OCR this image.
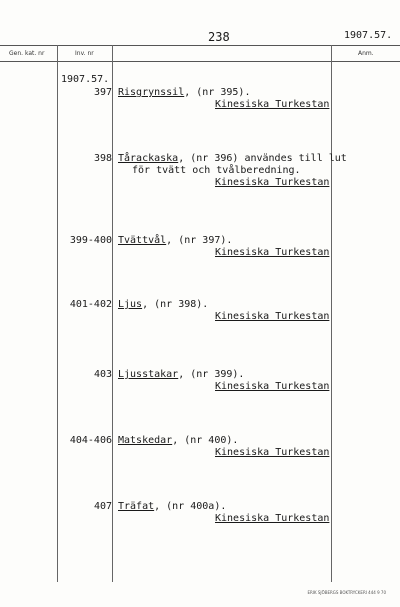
238	1907.57.
Gen. kat. nr	Inv. nr	Anm.
1907.57.
397 Risgrynssil, (nr 395).
Kinesiska Turkestan
398 Tårackaska, (nr 396) användes till lut
för tvätt och tvålberedning.
Kinesiska Turkestan
399-400 Tvättvål, (nr 397).
Kinesiska Turkestan
401-402 Ljus, (nr 398).
Kinesiska Turkestan
403 Ljusstakar, (nr 399).
Kinesiska Turkestan
404-406 Matskedar, (nr 400).
Kinesiska Turkestan
407 Träfat, (nr 400a).
Kinesiska Turkestan
ERIK SJÖBERGS BOKTRYCKERI 444 9 70
